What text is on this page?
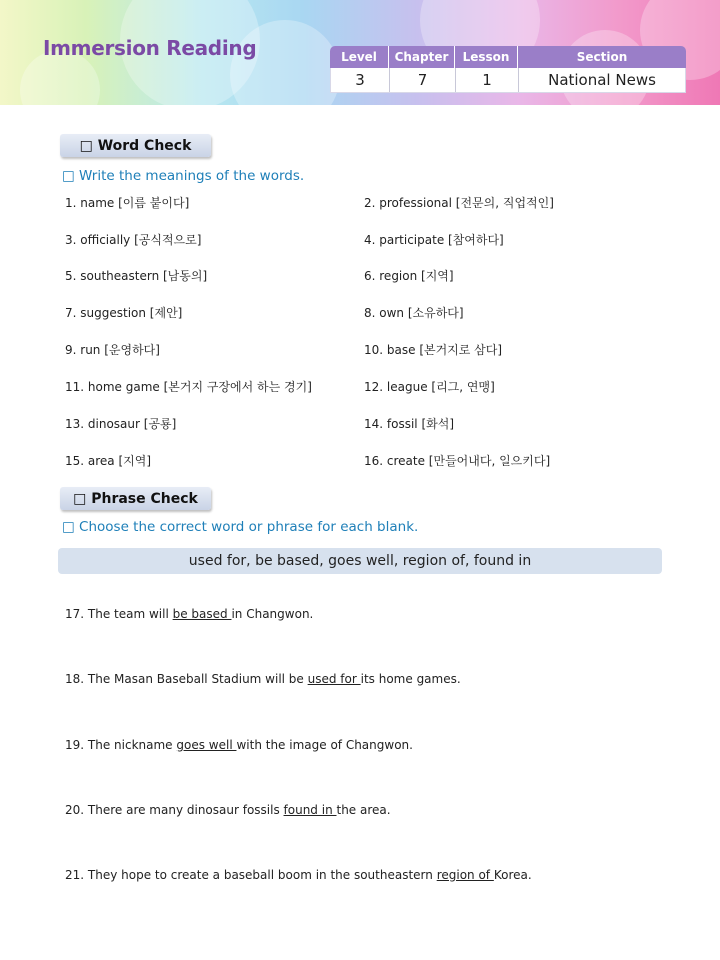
Immersion Reading	Level	Chapter	Lesson	Section
3	7	1	National News
□ Word Check
□ Write the meanings of the words.
1. name [이름 붙이다]	2. professional [전문의, 직업적인]
3. officially [공식적으로]	4. participate [참여하다]
5. southeastern [남동의]	6. region [지역]
7. suggestion [제안]	8. own [소유하다]
9. run [운영하다]	10. base [본거지로 삼다]
11. home game [본거지 구장에서 하는 경기]	12. league [리그, 연맹]
13. dinosaur [공룡]	14. fossil [화석]
15. area [지역]	16. create [만들어내다, 일으키다]
□ Phrase Check
□ Choose the correct word or phrase for each blank.
used for, be based, goes well, region of, found in
17. The team will be based in Changwon.
18. The Masan Baseball Stadium will be used for its home games.
19. The nickname goes well with the image of Changwon.
20. There are many dinosaur fossils found in the area.
21. They hope to create a baseball boom in the southeastern region of Korea.
